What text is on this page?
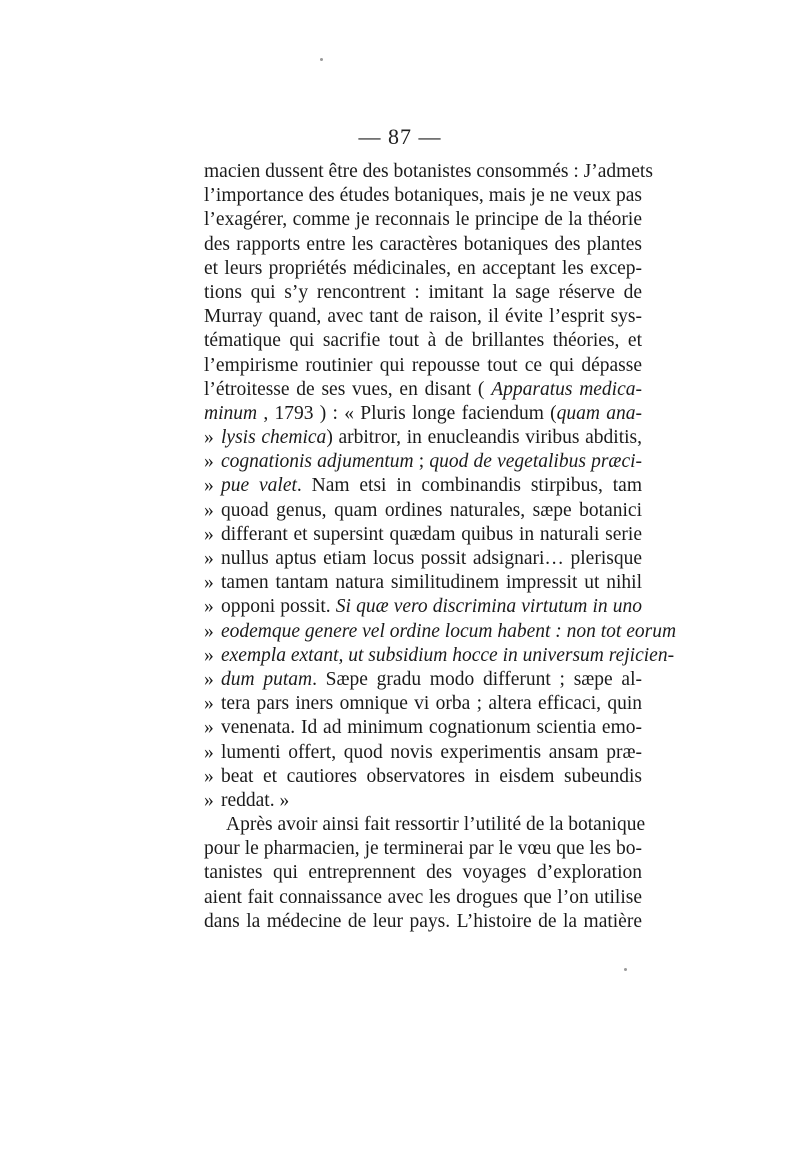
— 87 —
macien dussent être des botanistes consommés : J’admets
l’importance des études botaniques, mais je ne veux pas
l’exagérer, comme je reconnais le principe de la théorie
des rapports entre les caractères botaniques des plantes
et leurs propriétés médicinales, en acceptant les excep-
tions qui s’y rencontrent : imitant la sage réserve de
Murray quand, avec tant de raison, il évite l’esprit sys-
tématique qui sacrifie tout à de brillantes théories, et
l’empirisme routinier qui repousse tout ce qui dépasse
l’étroitesse de ses vues, en disant ( Apparatus medica-
minum , 1793 ) : « Pluris longe faciendum (quam ana-
» lysis chemica) arbitror, in enucleandis viribus abditis,
» cognationis adjumentum ; quod de vegetalibus præci-
» pue valet. Nam etsi in combinandis stirpibus, tam
» quoad genus, quam ordines naturales, sæpe botanici
» differant et supersint quædam quibus in naturali serie
» nullus aptus etiam locus possit adsignari… plerisque
» tamen tantam natura similitudinem impressit ut nihil
» opponi possit. Si quæ vero discrimina virtutum in uno
» eodemque genere vel ordine locum habent : non tot eorum
» exempla extant, ut subsidium hocce in universum rejicien-
» dum putam. Sæpe gradu modo differunt ; sæpe al-
» tera pars iners omnique vi orba ; altera efficaci, quin
» venenata. Id ad minimum cognationum scientia emo-
» lumenti offert, quod novis experimentis ansam præ-
» beat et cautiores observatores in eisdem subeundis
» reddat. »
Après avoir ainsi fait ressortir l’utilité de la botanique
pour le pharmacien, je terminerai par le vœu que les bo-
tanistes qui entreprennent des voyages d’exploration
aient fait connaissance avec les drogues que l’on utilise
dans la médecine de leur pays. L’histoire de la matière
